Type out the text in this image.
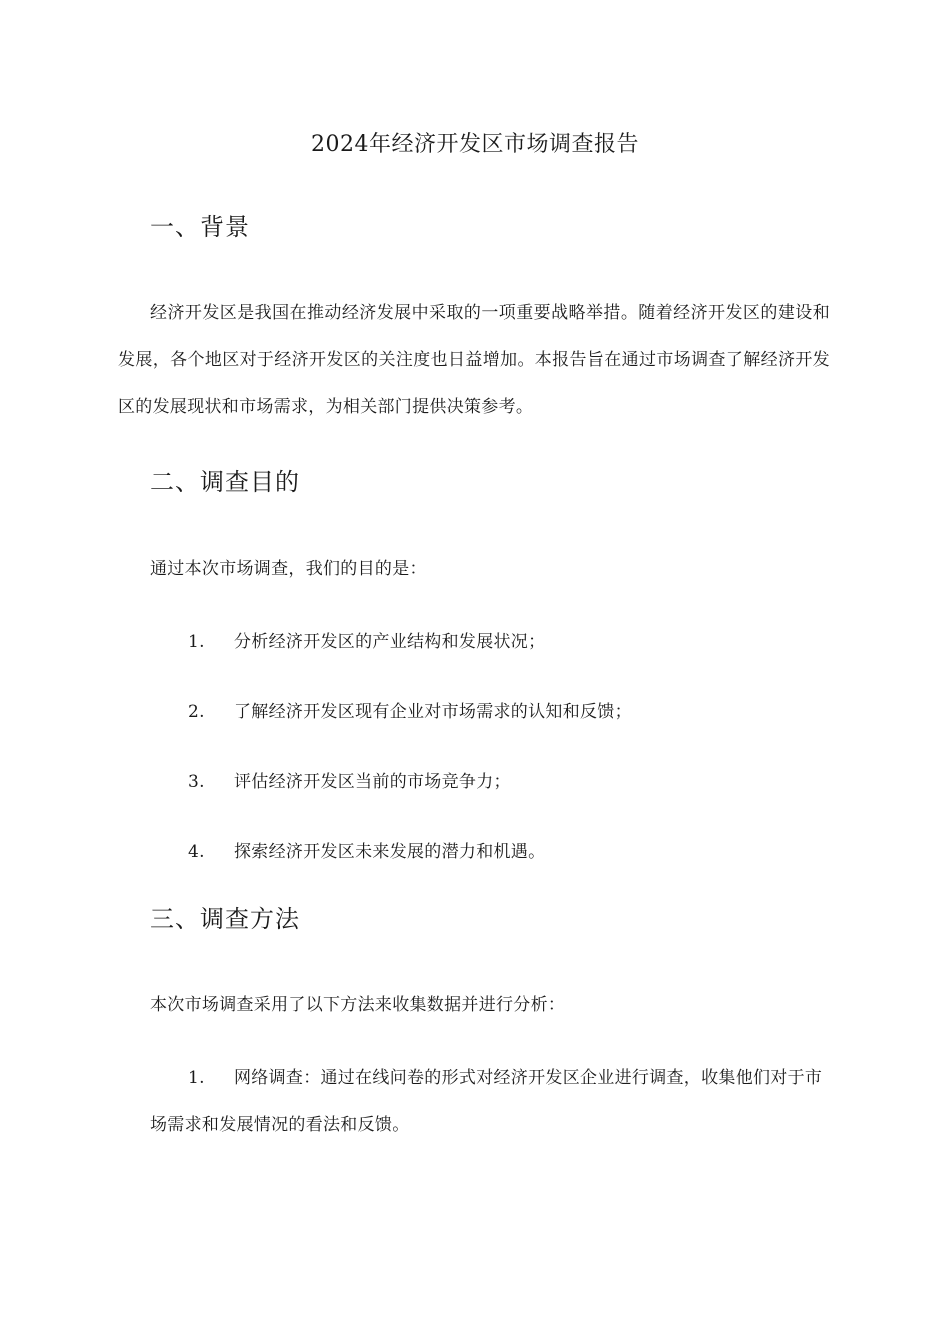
2024年经济开发区市场调查报告
一、背景
经济开发区是我国在推动经济发展中采取的一项重要战略举措。随着经济开发区的建设和发展，各个地区对于经济开发区的关注度也日益增加。本报告旨在通过市场调查了解经济开发区的发展现状和市场需求，为相关部门提供决策参考。
二、调查目的
通过本次市场调查，我们的目的是：
1.	分析经济开发区的产业结构和发展状况；
2.	了解经济开发区现有企业对市场需求的认知和反馈；
3.	评估经济开发区当前的市场竞争力；
4.	探索经济开发区未来发展的潜力和机遇。
三、调查方法
本次市场调查采用了以下方法来收集数据并进行分析：
1. 网络调查：通过在线问卷的形式对经济开发区企业进行调查，收集他们对于市场需求和发展情况的看法和反馈。
